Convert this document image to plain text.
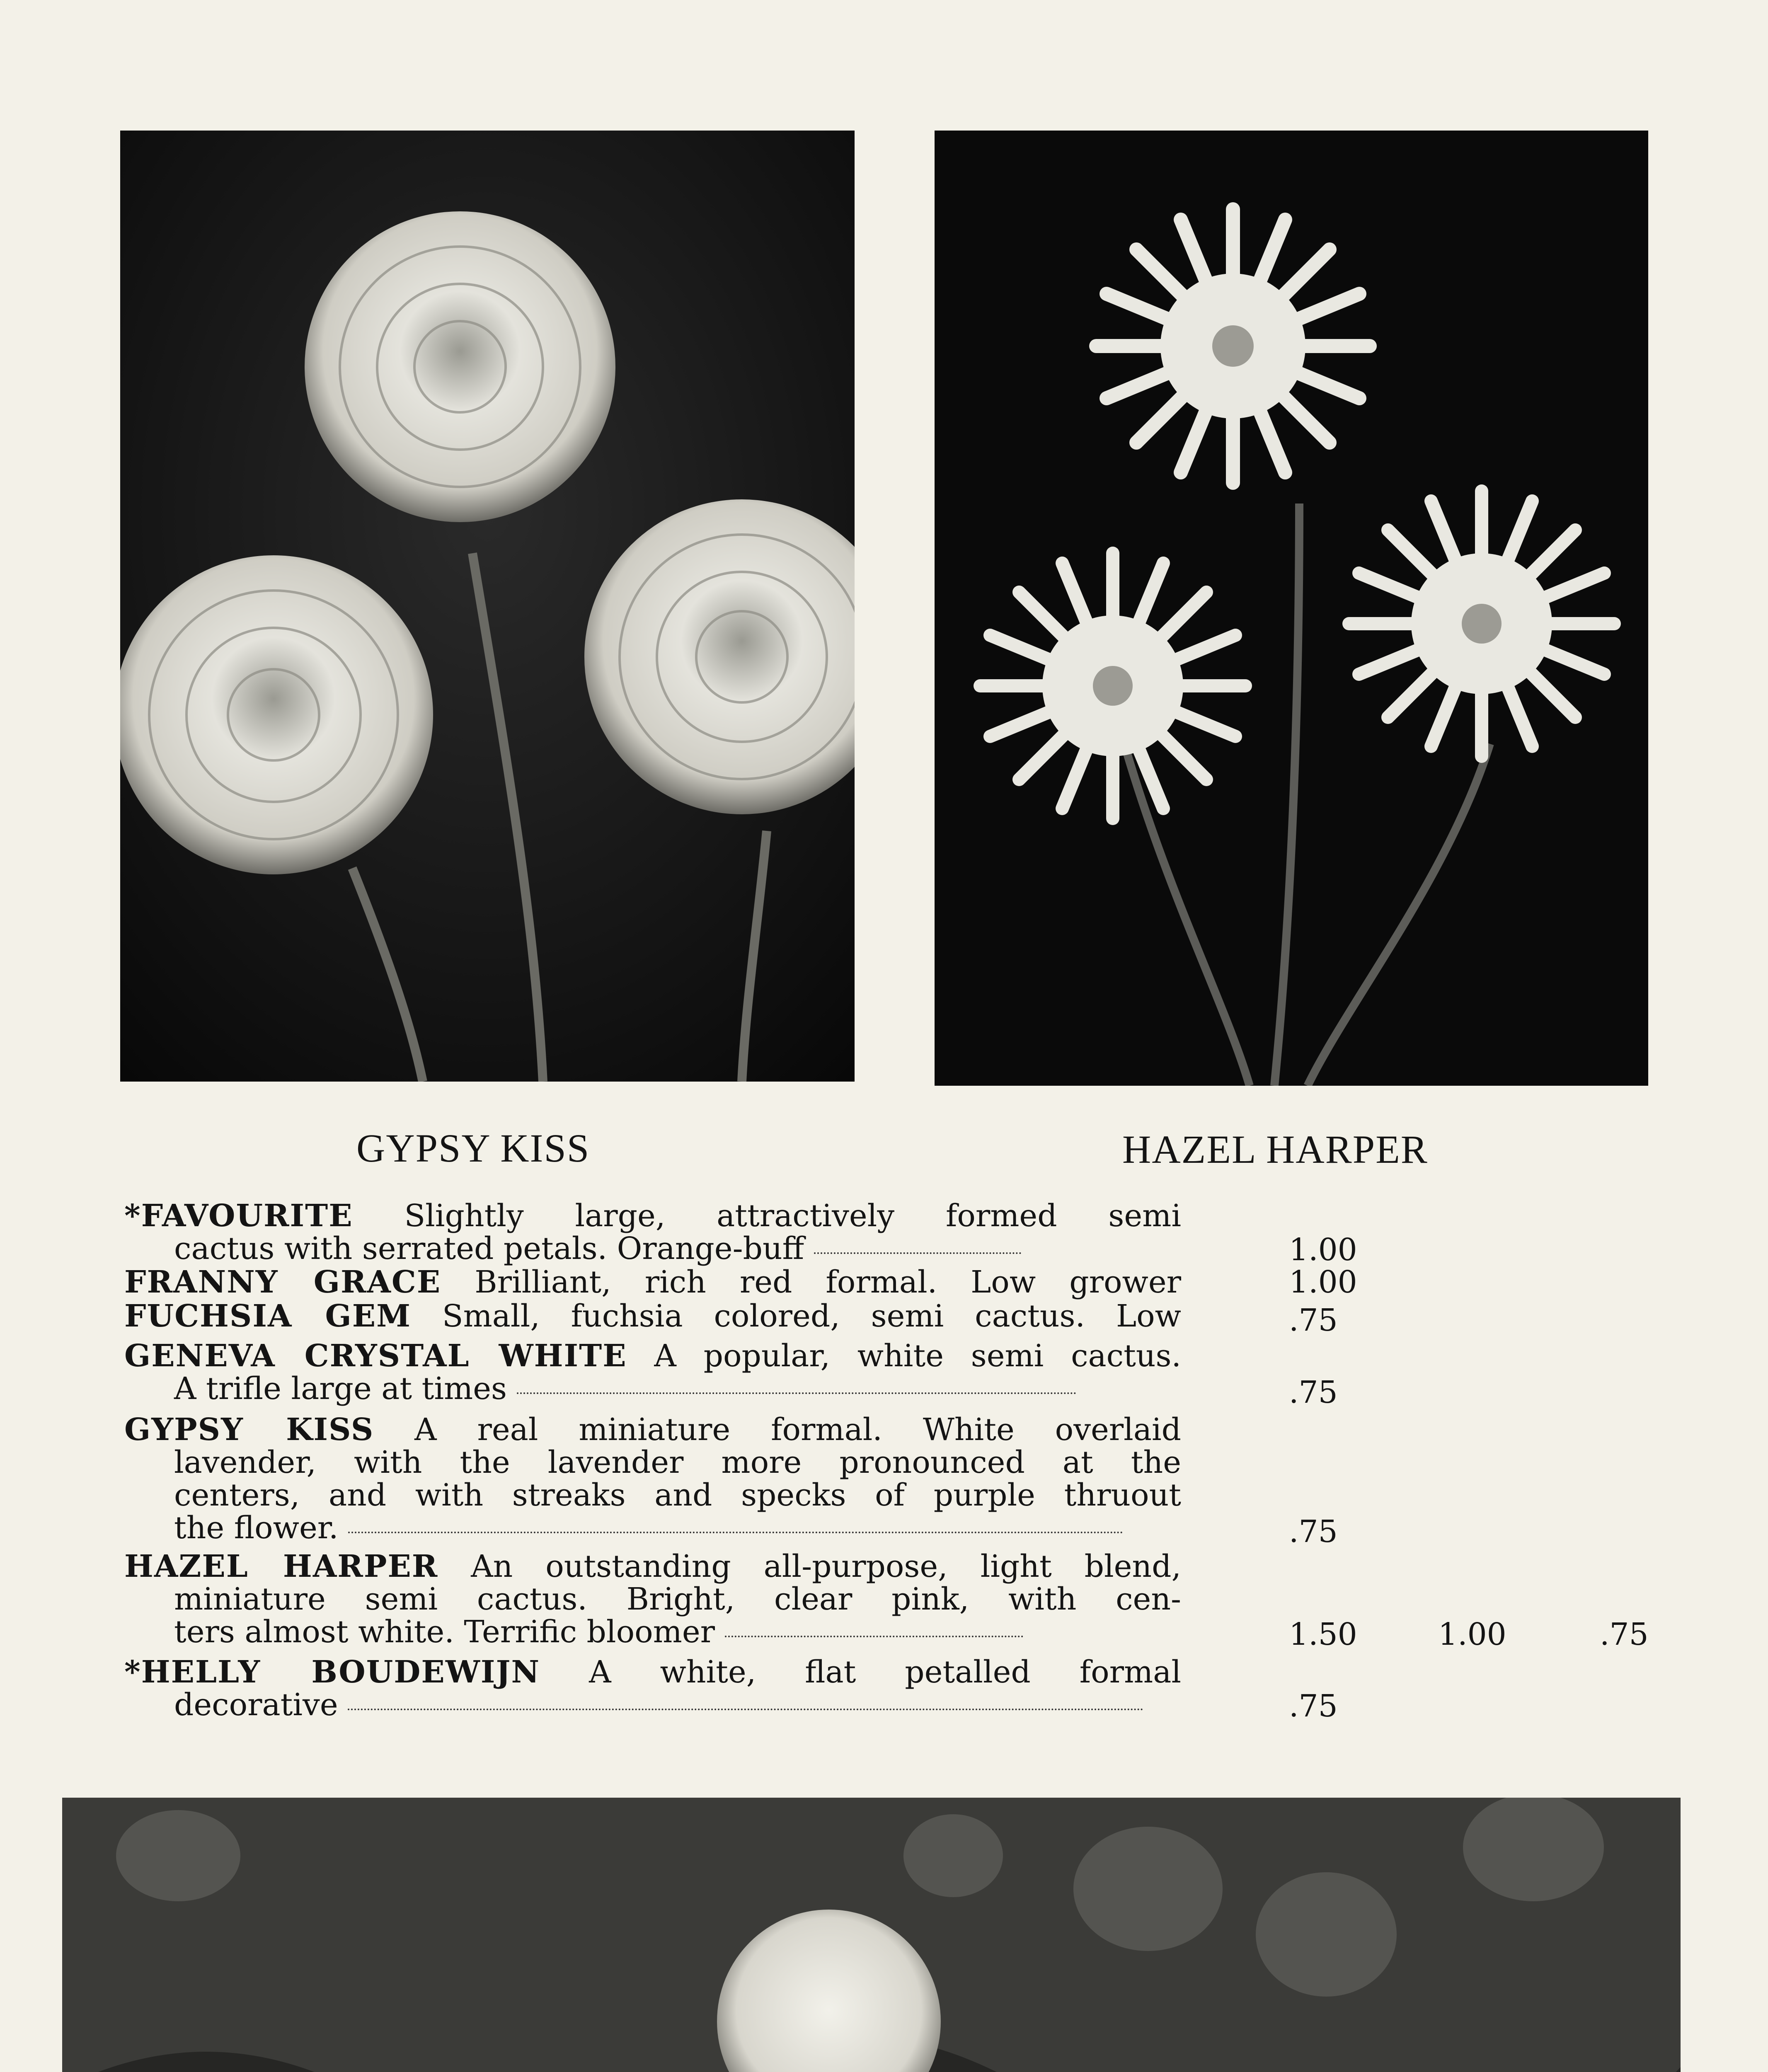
GYPSY KISS	HAZEL HARPER
*FAVOURITE Slightly large, attractively formed semi
cactus with serrated petals. Orange-buff	1.00
FRANNY GRACE Brilliant, rich red formal. Low grower	1.00
FUCHSIA GEM Small, fuchsia colored, semi cactus. Low	.75
GENEVA CRYSTAL WHITE A popular, white semi cactus.
A trifle large at times	.75
GYPSY KISS A real miniature formal. White overlaid
lavender, with the lavender more pronounced at the
centers, and with streaks and specks of purple thruout
the flower.	.75
HAZEL HARPER An outstanding all-purpose, light blend,
miniature semi cactus. Bright, clear pink, with cen-
ters almost white. Terrific bloomer	1.50	1.00	.75
*HELLY BOUDEWIJN A white, flat petalled formal
decorative	.75
